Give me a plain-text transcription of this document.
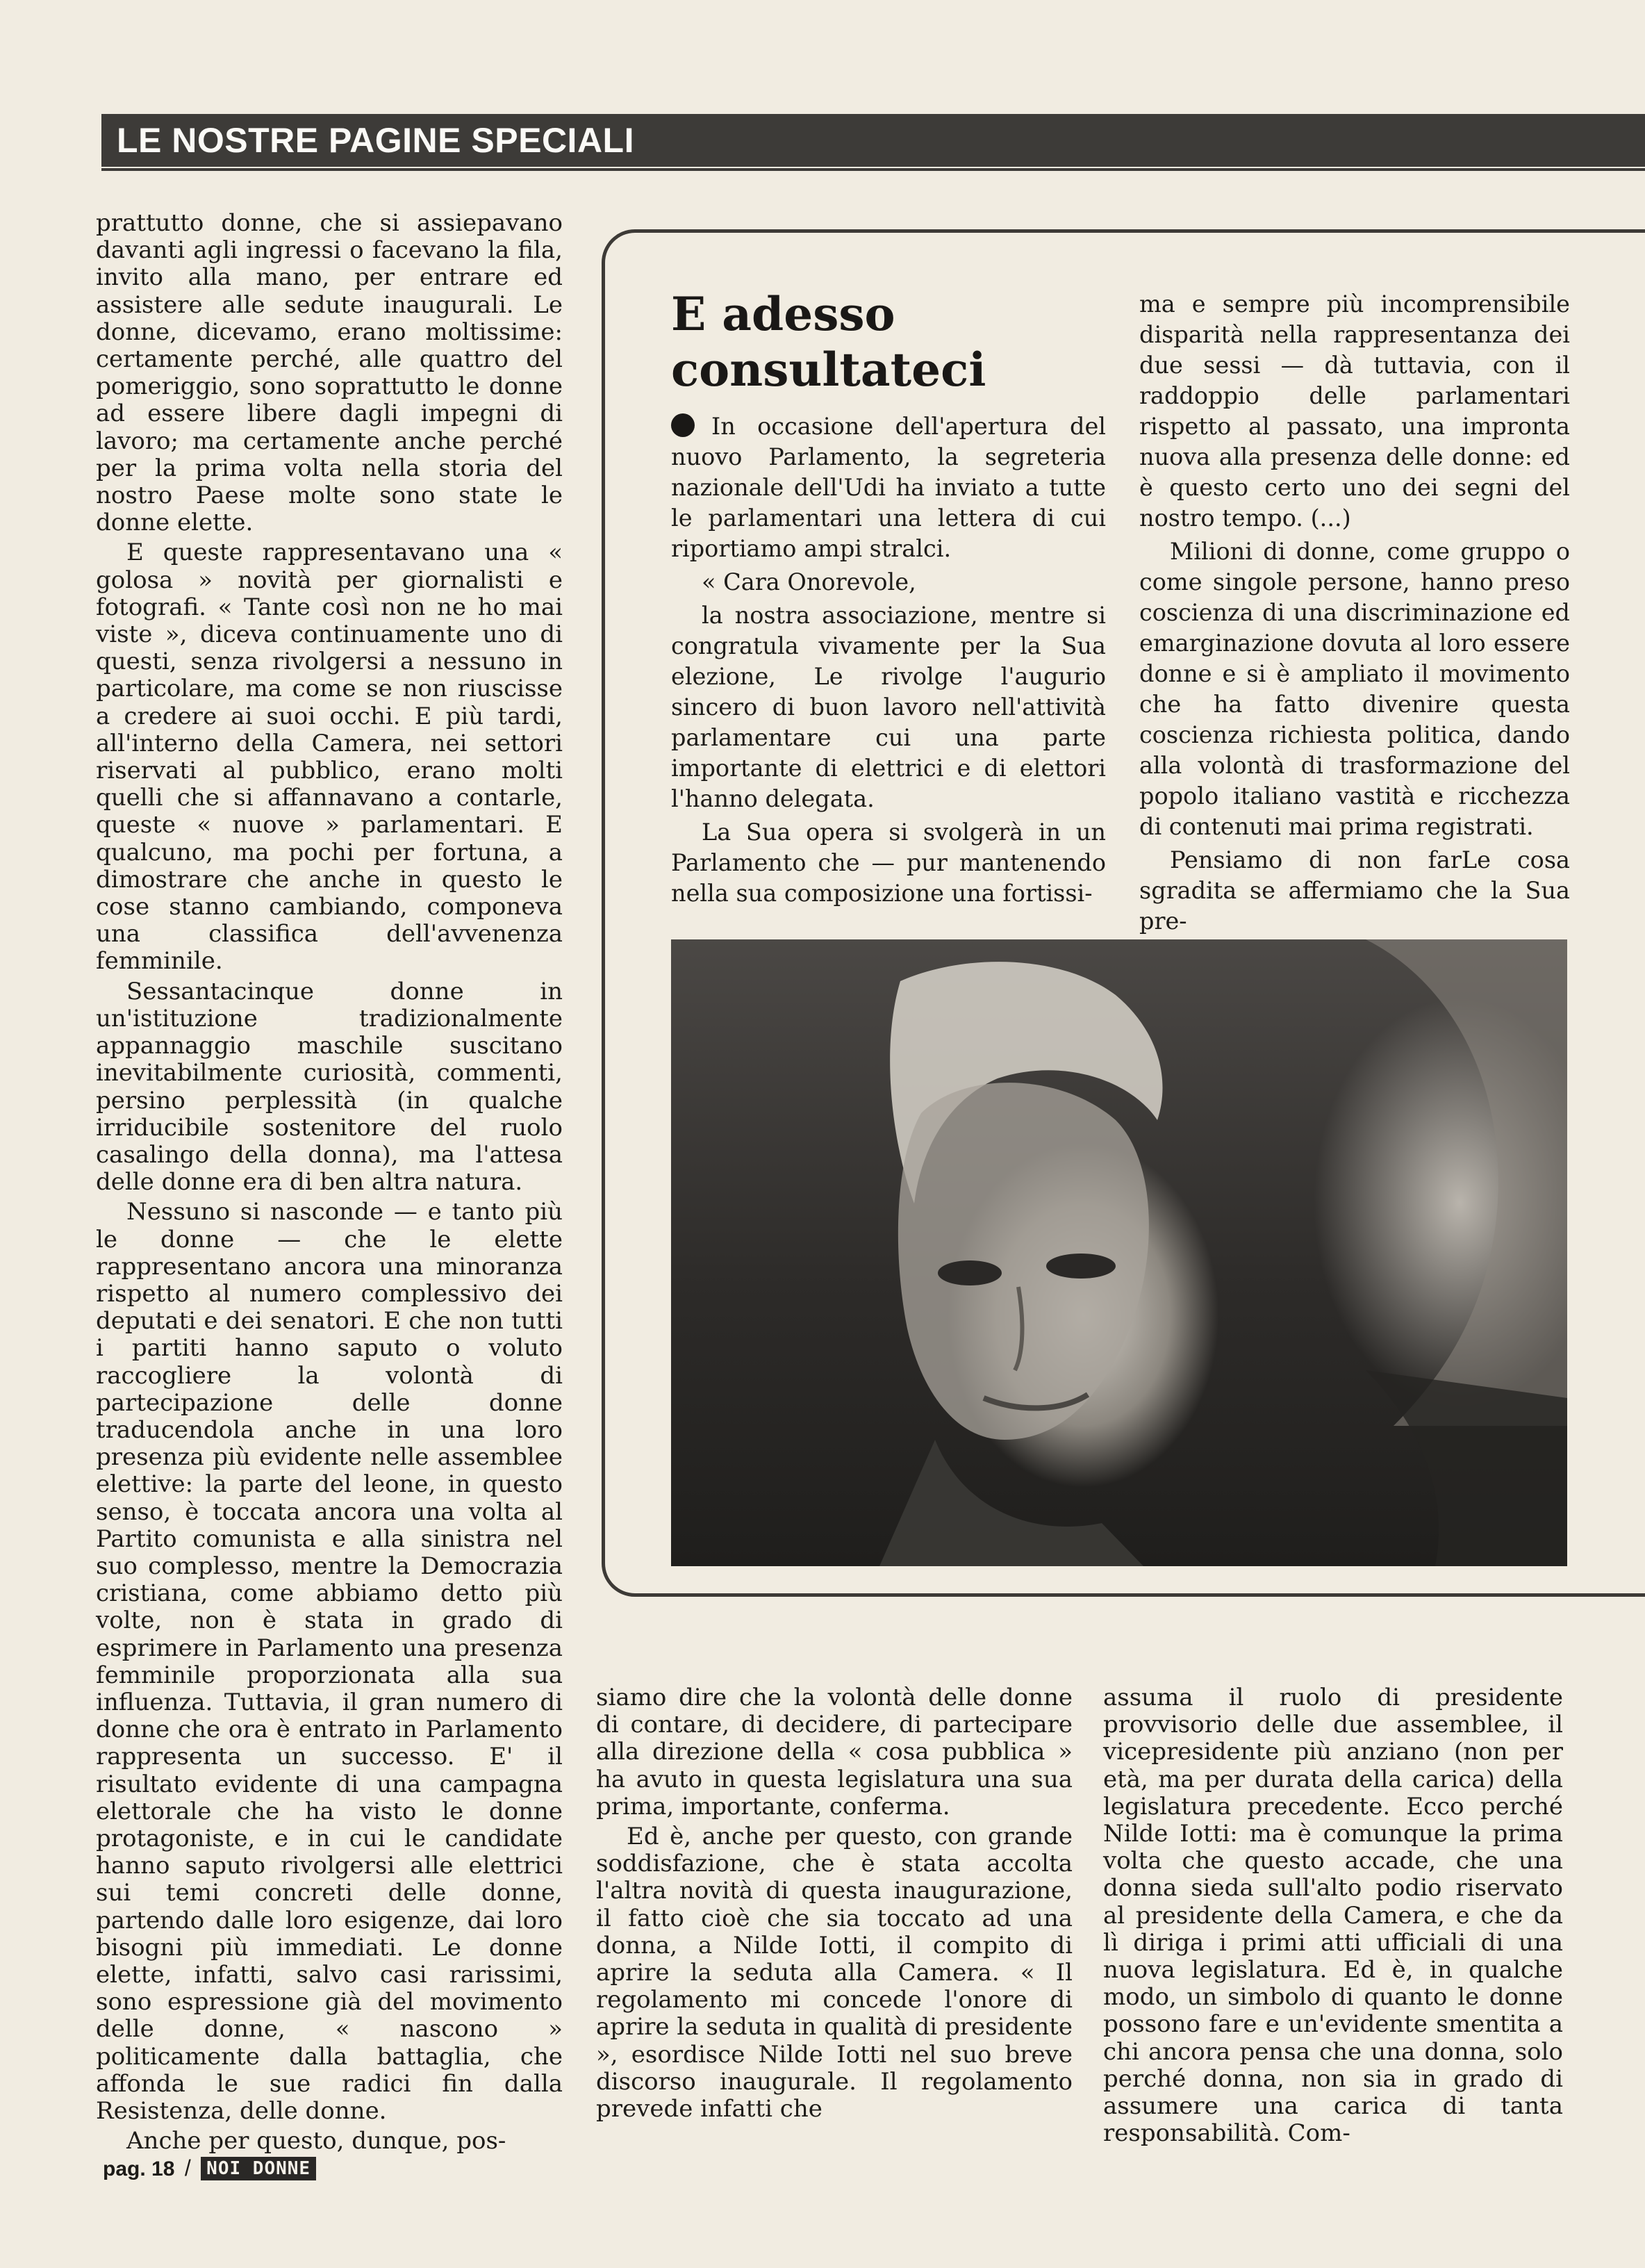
LE NOSTRE PAGINE SPECIALI

prattutto donne, che si assiepavano davanti agli ingressi o facevano la fila, invito alla mano, per entrare ed assistere alle sedute inaugurali. Le donne, dicevamo, erano moltissime: certamente perché, alle quattro del pomeriggio, sono soprattutto le donne ad essere libere dagli impegni di lavoro; ma certamente anche perché per la prima volta nella storia del nostro Paese molte sono state le donne elette.

E queste rappresentavano una « golosa » novità per giornalisti e fotografi. « Tante così non ne ho mai viste », diceva continuamente uno di questi, senza rivolgersi a nessuno in particolare, ma come se non riuscisse a credere ai suoi occhi. E più tardi, all'interno della Camera, nei settori riservati al pubblico, erano molti quelli che si affannavano a contarle, queste « nuove » parlamentari. E qualcuno, ma pochi per fortuna, a dimostrare che anche in questo le cose stanno cambiando, componeva una classifica dell'avvenenza femminile.

Sessantacinque donne in un'istituzione tradizionalmente appannaggio maschile suscitano inevitabilmente curiosità, commenti, persino perplessità (in qualche irriducibile sostenitore del ruolo casalingo della donna), ma l'attesa delle donne era di ben altra natura.

Nessuno si nasconde — e tanto più le donne — che le elette rappresentano ancora una minoranza rispetto al numero complessivo dei deputati e dei senatori. E che non tutti i partiti hanno saputo o voluto raccogliere la volontà di partecipazione delle donne traducendola anche in una loro presenza più evidente nelle assemblee elettive: la parte del leone, in questo senso, è toccata ancora una volta al Partito comunista e alla sinistra nel suo complesso, mentre la Democrazia cristiana, come abbiamo detto più volte, non è stata in grado di esprimere in Parlamento una presenza femminile proporzionata alla sua influenza. Tuttavia, il gran numero di donne che ora è entrato in Parlamento rappresenta un successo. E' il risultato evidente di una campagna elettorale che ha visto le donne protagoniste, e in cui le candidate hanno saputo rivolgersi alle elettrici sui temi concreti delle donne, partendo dalle loro esigenze, dai loro bisogni più immediati. Le donne elette, infatti, salvo casi rarissimi, sono espressione già del movimento delle donne, « nascono » politicamente dalla battaglia, che affonda le sue radici fin dalla Resistenza, delle donne.

Anche per questo, dunque, pos-

E adesso
consultateci

In occasione dell'apertura del nuovo Parlamento, la segreteria nazionale dell'Udi ha inviato a tutte le parlamentari una lettera di cui riportiamo ampi stralci.

« Cara Onorevole,

la nostra associazione, mentre si congratula vivamente per la Sua elezione, Le rivolge l'augurio sincero di buon lavoro nell'attività parlamentare cui una parte importante di elettrici e di elettori l'hanno delegata.

La Sua opera si svolgerà in un Parlamento che — pur mantenendo nella sua composizione una fortissi-

ma e sempre più incomprensibile disparità nella rappresentanza dei due sessi — dà tuttavia, con il raddoppio delle parlamentari rispetto al passato, una impronta nuova alla presenza delle donne: ed è questo certo uno dei segni del nostro tempo. (...)

Milioni di donne, come gruppo o come singole persone, hanno preso coscienza di una discriminazione ed emarginazione dovuta al loro essere donne e si è ampliato il movimento che ha fatto divenire questa coscienza richiesta politica, dando alla volontà di trasformazione del popolo italiano vastità e ricchezza di contenuti mai prima registrati.

Pensiamo di non farLe cosa sgradita se affermiamo che la Sua pre-

siamo dire che la volontà delle donne di contare, di decidere, di partecipare alla direzione della « cosa pubblica » ha avuto in questa legislatura una sua prima, importante, conferma.

Ed è, anche per questo, con grande soddisfazione, che è stata accolta l'altra novità di questa inaugurazione, il fatto cioè che sia toccato ad una donna, a Nilde Iotti, il compito di aprire la seduta alla Camera. « Il regolamento mi concede l'onore di aprire la seduta in qualità di presidente », esordisce Nilde Iotti nel suo breve discorso inaugurale. Il regolamento prevede infatti che

assuma il ruolo di presidente provvisorio delle due assemblee, il vicepresidente più anziano (non per età, ma per durata della carica) della legislatura precedente. Ecco perché Nilde Iotti: ma è comunque la prima volta che questo accade, che una donna sieda sull'alto podio riservato al presidente della Camera, e che da lì diriga i primi atti ufficiali di una nuova legislatura. Ed è, in qualche modo, un simbolo di quanto le donne possono fare e un'evidente smentita a chi ancora pensa che una donna, solo perché donna, non sia in grado di assumere una carica di tanta responsabilità. Com-

pag. 18 / NOI DONNE
